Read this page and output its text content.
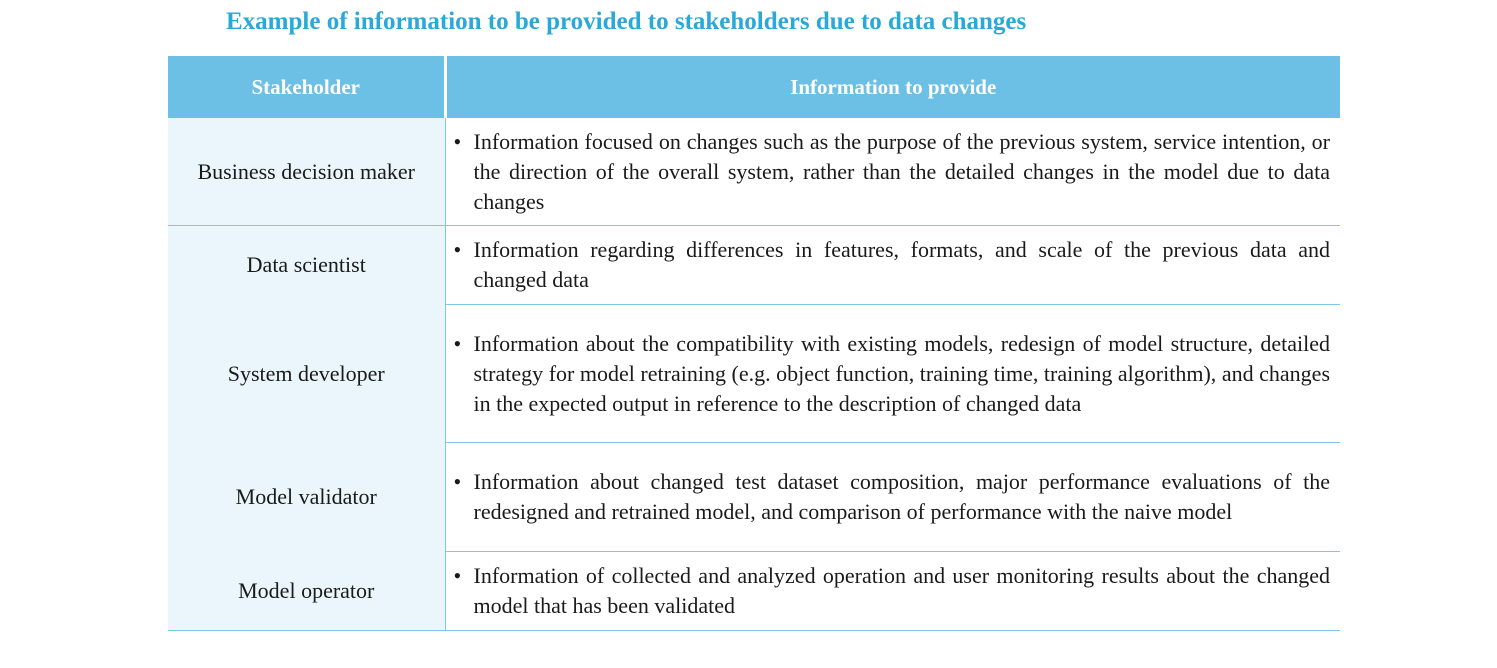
Example of information to be provided to stakeholders due to data changes
Stakeholder	Information to provide
Business decision maker	• Information focused on changes such as the purpose of the previous system, service intention, or the direction of the overall system, rather than the detailed changes in the model due to data changes

Data scientist	• Information regarding differences in features, formats, and scale of the previous data and changed data

System developer	• Information about the compatibility with existing models, redesign of model structure, detailed strategy for model retraining (e.g. object function, training time, training algorithm), and changes in the expected output in reference to the description of changed data

Model validator	• Information about changed test dataset composition, major performance evaluations of the redesigned and retrained model, and comparison of performance with the naive model

Model operator	• Information of collected and analyzed operation and user monitoring results about the changed model that has been validated
